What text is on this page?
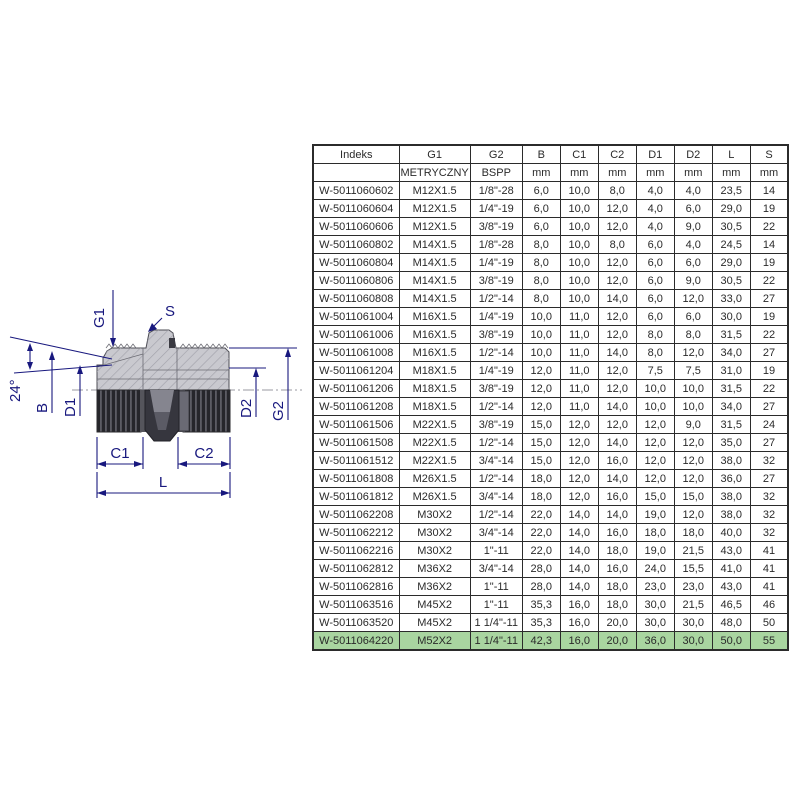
G1	S
24°
B D1	D2 G2
C1	C2
L
Indeks	G1	G2	B	C1	C2	D1	D2	L	S
	METRYCZNY	BSPP	mm	mm	mm	mm	mm	mm	mm
W-5011060602	M12X1.5	1/8"-28	6,0	10,0	8,0	4,0	4,0	23,5	14
W-5011060604	M12X1.5	1/4"-19	6,0	10,0	12,0	4,0	6,0	29,0	19
W-5011060606	M12X1.5	3/8"-19	6,0	10,0	12,0	4,0	9,0	30,5	22
W-5011060802	M14X1.5	1/8"-28	8,0	10,0	8,0	6,0	4,0	24,5	14
W-5011060804	M14X1.5	1/4"-19	8,0	10,0	12,0	6,0	6,0	29,0	19
W-5011060806	M14X1.5	3/8"-19	8,0	10,0	12,0	6,0	9,0	30,5	22
W-5011060808	M14X1.5	1/2"-14	8,0	10,0	14,0	6,0	12,0	33,0	27
W-5011061004	M16X1.5	1/4"-19	10,0	11,0	12,0	6,0	6,0	30,0	19
W-5011061006	M16X1.5	3/8"-19	10,0	11,0	12,0	8,0	8,0	31,5	22
W-5011061008	M16X1.5	1/2"-14	10,0	11,0	14,0	8,0	12,0	34,0	27
W-5011061204	M18X1.5	1/4"-19	12,0	11,0	12,0	7,5	7,5	31,0	19
W-5011061206	M18X1.5	3/8"-19	12,0	11,0	12,0	10,0	10,0	31,5	22
W-5011061208	M18X1.5	1/2"-14	12,0	11,0	14,0	10,0	10,0	34,0	27
W-5011061506	M22X1.5	3/8"-19	15,0	12,0	12,0	12,0	9,0	31,5	24
W-5011061508	M22X1.5	1/2"-14	15,0	12,0	14,0	12,0	12,0	35,0	27
W-5011061512	M22X1.5	3/4"-14	15,0	12,0	16,0	12,0	12,0	38,0	32
W-5011061808	M26X1.5	1/2"-14	18,0	12,0	14,0	12,0	12,0	36,0	27
W-5011061812	M26X1.5	3/4"-14	18,0	12,0	16,0	15,0	15,0	38,0	32
W-5011062208	M30X2	1/2"-14	22,0	14,0	14,0	19,0	12,0	38,0	32
W-5011062212	M30X2	3/4"-14	22,0	14,0	16,0	18,0	18,0	40,0	32
W-5011062216	M30X2	1"-11	22,0	14,0	18,0	19,0	21,5	43,0	41
W-5011062812	M36X2	3/4"-14	28,0	14,0	16,0	24,0	15,5	41,0	41
W-5011062816	M36X2	1"-11	28,0	14,0	18,0	23,0	23,0	43,0	41
W-5011063516	M45X2	1"-11	35,3	16,0	18,0	30,0	21,5	46,5	46
W-5011063520	M45X2	1 1/4"-11	35,3	16,0	20,0	30,0	30,0	48,0	50
W-5011064220	M52X2	1 1/4"-11	42,3	16,0	20,0	36,0	30,0	50,0	55
